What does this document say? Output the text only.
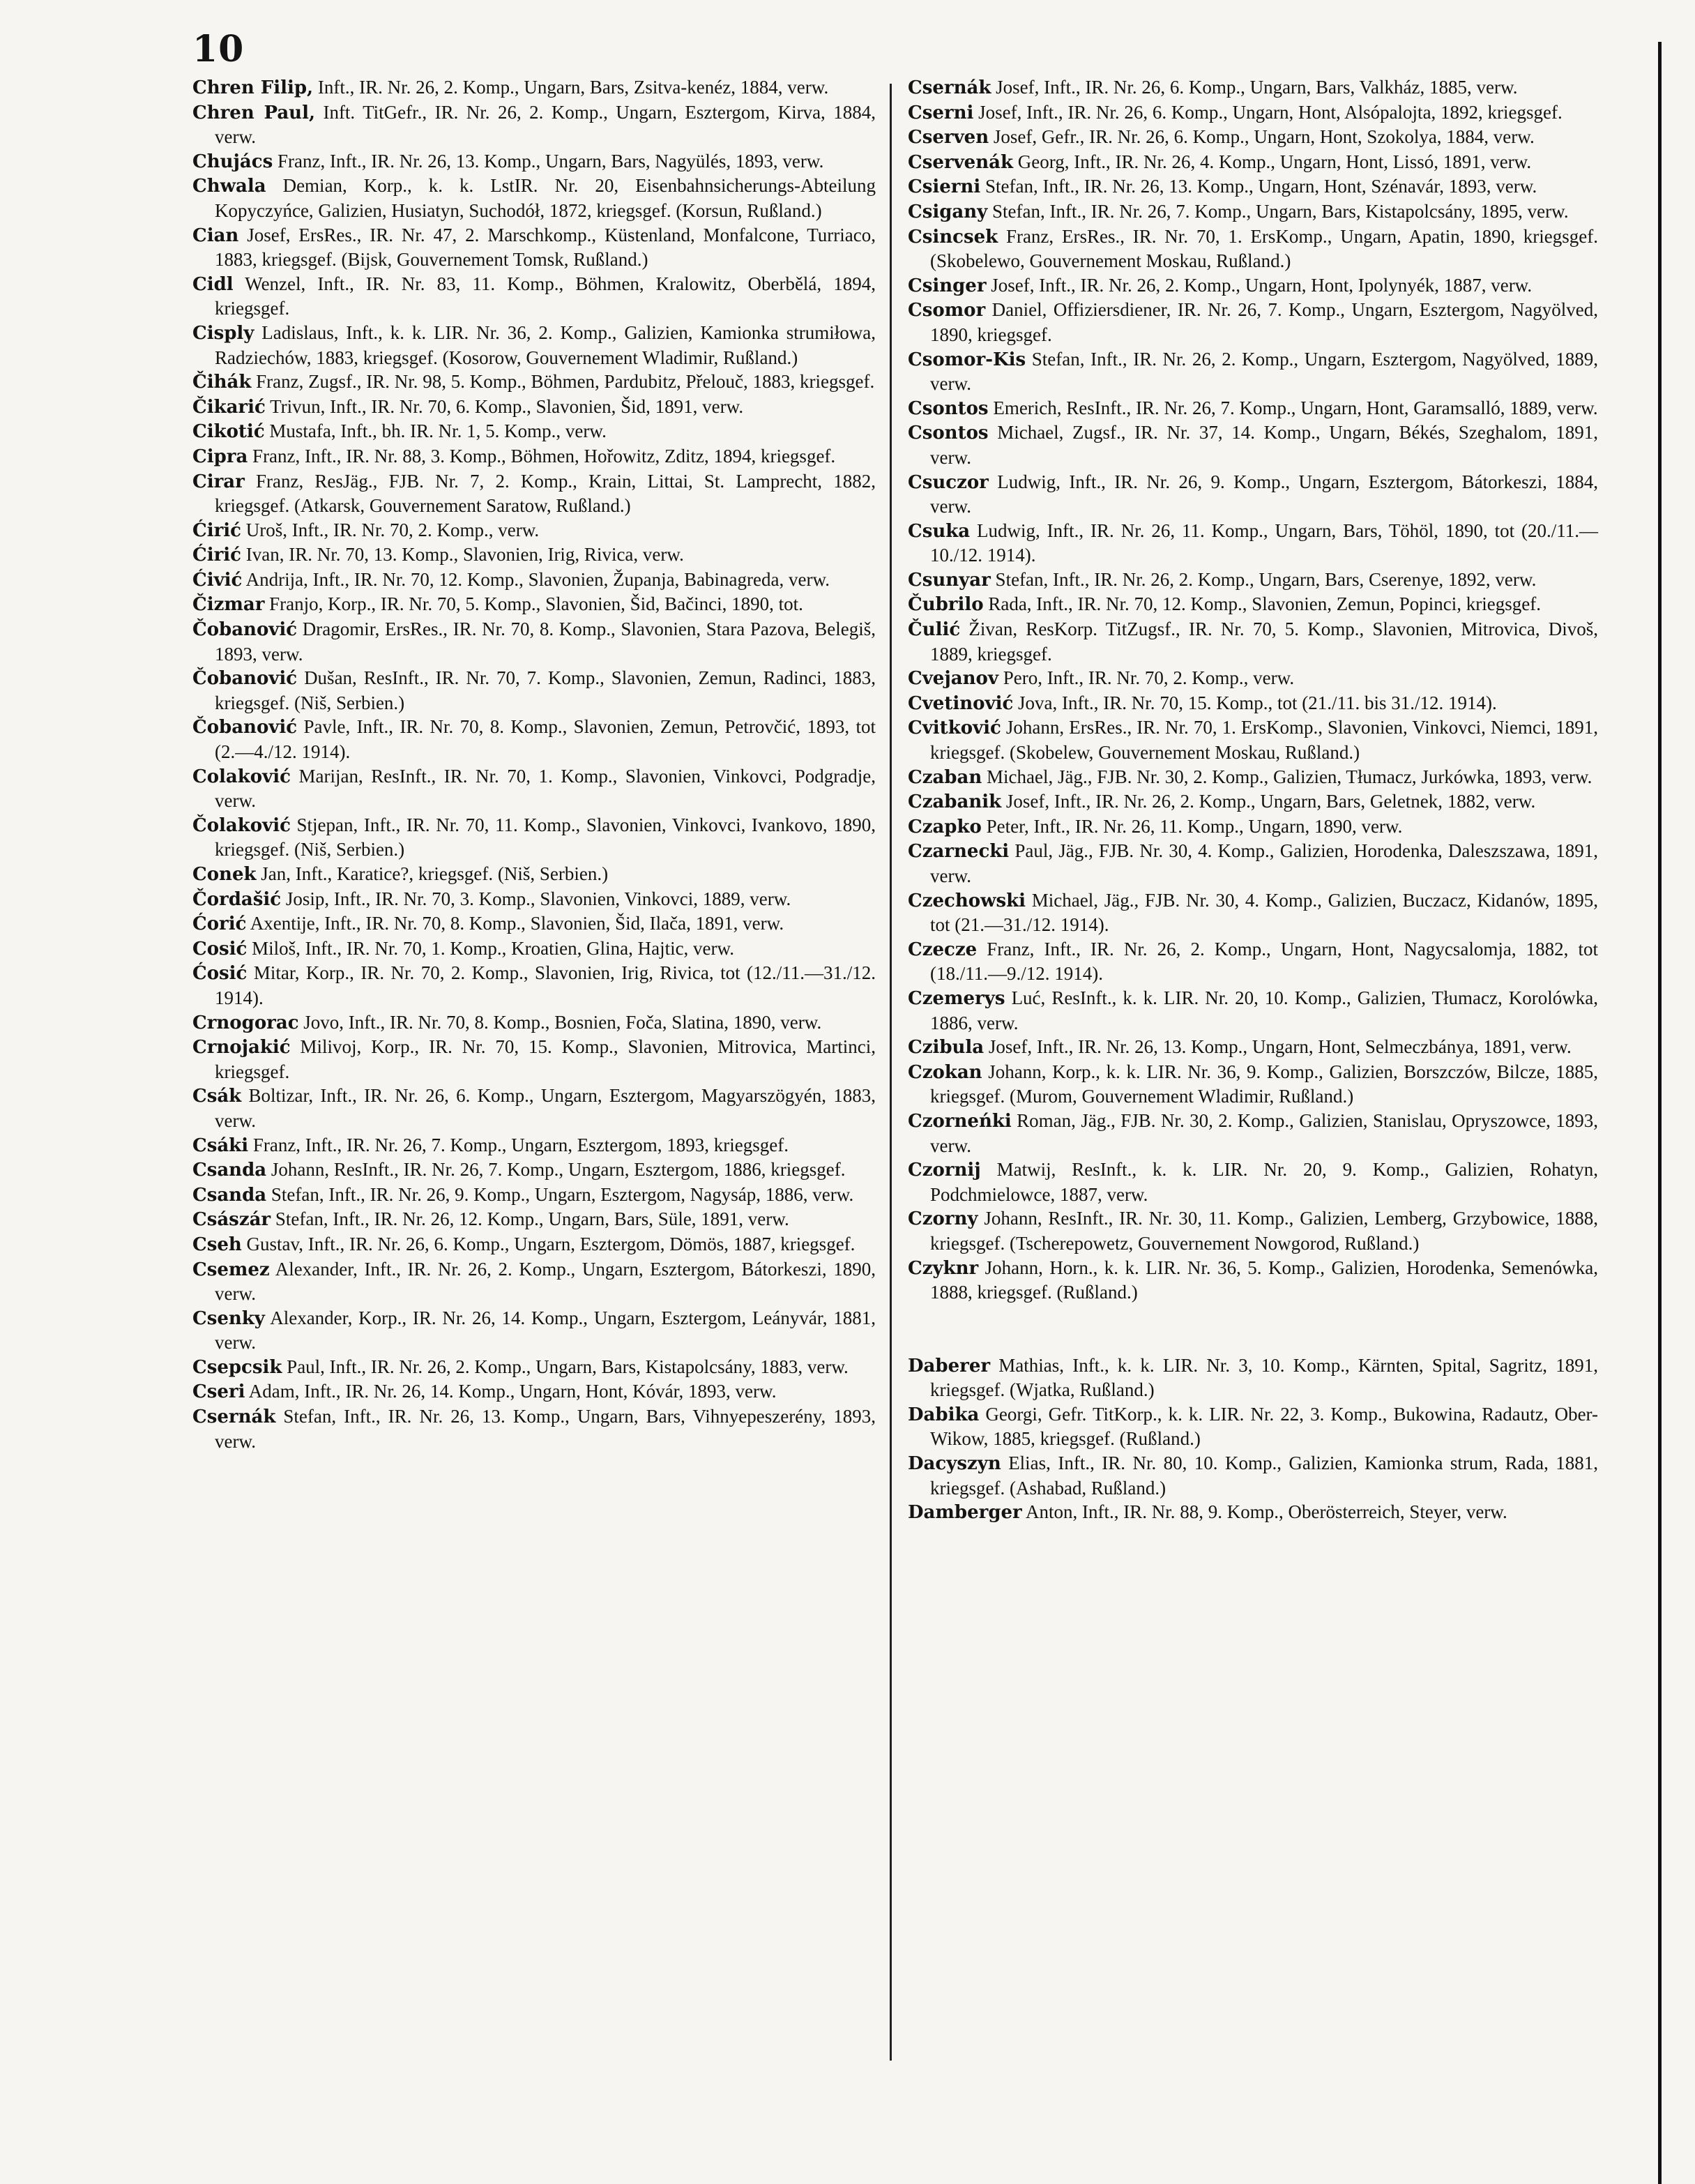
10

Chren Filip, Inft., IR. Nr. 26, 2. Komp., Ungarn, Bars, Zsitva-kenéz, 1884, verw.

Chren Paul, Inft. TitGefr., IR. Nr. 26, 2. Komp., Ungarn, Esztergom, Kirva, 1884, verw.

Chujács Franz, Inft., IR. Nr. 26, 13. Komp., Ungarn, Bars, Nagyülés, 1893, verw.

Chwala Demian, Korp., k. k. LstIR. Nr. 20, Eisenbahnsicherungs-Abteilung Kopyczyńce, Galizien, Husiatyn, Suchodół, 1872, kriegsgef. (Korsun, Rußland.)

Cian Josef, ErsRes., IR. Nr. 47, 2. Marschkomp., Küstenland, Monfalcone, Turriaco, 1883, kriegsgef. (Bijsk, Gouvernement Tomsk, Rußland.)

Cidl Wenzel, Inft., IR. Nr. 83, 11. Komp., Böhmen, Kralowitz, Oberbělá, 1894, kriegsgef.

Cisply Ladislaus, Inft., k. k. LIR. Nr. 36, 2. Komp., Galizien, Kamionka strumiłowa, Radziechów, 1883, kriegsgef. (Kosorow, Gouvernement Wladimir, Rußland.)

Čihák Franz, Zugsf., IR. Nr. 98, 5. Komp., Böhmen, Pardubitz, Přelouč, 1883, kriegsgef.

Čikarić Trivun, Inft., IR. Nr. 70, 6. Komp., Slavonien, Šid, 1891, verw.

Cikotić Mustafa, Inft., bh. IR. Nr. 1, 5. Komp., verw.

Cipra Franz, Inft., IR. Nr. 88, 3. Komp., Böhmen, Hořowitz, Zditz, 1894, kriegsgef.

Cirar Franz, ResJäg., FJB. Nr. 7, 2. Komp., Krain, Littai, St. Lamprecht, 1882, kriegsgef. (Atkarsk, Gouvernement Saratow, Rußland.)

Ćirić Uroš, Inft., IR. Nr. 70, 2. Komp., verw.

Ćirić Ivan, IR. Nr. 70, 13. Komp., Slavonien, Irig, Rivica, verw.

Ćivić Andrija, Inft., IR. Nr. 70, 12. Komp., Slavonien, Županja, Babinagreda, verw.

Čizmar Franjo, Korp., IR. Nr. 70, 5. Komp., Slavonien, Šid, Bačinci, 1890, tot.

Čobanović Dragomir, ErsRes., IR. Nr. 70, 8. Komp., Slavonien, Stara Pazova, Belegiš, 1893, verw.

Čobanović Dušan, ResInft., IR. Nr. 70, 7. Komp., Slavonien, Zemun, Radinci, 1883, kriegsgef. (Niš, Serbien.)

Čobanović Pavle, Inft., IR. Nr. 70, 8. Komp., Slavonien, Zemun, Petrovčić, 1893, tot (2.—4./12. 1914).

Colaković Marijan, ResInft., IR. Nr. 70, 1. Komp., Slavonien, Vinkovci, Podgradje, verw.

Čolaković Stjepan, Inft., IR. Nr. 70, 11. Komp., Slavonien, Vinkovci, Ivankovo, 1890, kriegsgef. (Niš, Serbien.)

Conek Jan, Inft., Karatice?, kriegsgef. (Niš, Serbien.)

Čordašić Josip, Inft., IR. Nr. 70, 3. Komp., Slavonien, Vinkovci, 1889, verw.

Ćorić Axentije, Inft., IR. Nr. 70, 8. Komp., Slavonien, Šid, Ilača, 1891, verw.

Cosić Miloš, Inft., IR. Nr. 70, 1. Komp., Kroatien, Glina, Hajtic, verw.

Ćosić Mitar, Korp., IR. Nr. 70, 2. Komp., Slavonien, Irig, Rivica, tot (12./11.—31./12. 1914).

Crnogorac Jovo, Inft., IR. Nr. 70, 8. Komp., Bosnien, Foča, Slatina, 1890, verw.

Crnojakić Milivoj, Korp., IR. Nr. 70, 15. Komp., Slavonien, Mitrovica, Martinci, kriegsgef.

Csák Boltizar, Inft., IR. Nr. 26, 6. Komp., Ungarn, Esztergom, Magyarszögyén, 1883, verw.

Csáki Franz, Inft., IR. Nr. 26, 7. Komp., Ungarn, Esztergom, 1893, kriegsgef.

Csanda Johann, ResInft., IR. Nr. 26, 7. Komp., Ungarn, Esztergom, 1886, kriegsgef.

Csanda Stefan, Inft., IR. Nr. 26, 9. Komp., Ungarn, Esztergom, Nagysáp, 1886, verw.

Császár Stefan, Inft., IR. Nr. 26, 12. Komp., Ungarn, Bars, Süle, 1891, verw.

Cseh Gustav, Inft., IR. Nr. 26, 6. Komp., Ungarn, Esztergom, Dömös, 1887, kriegsgef.

Csemez Alexander, Inft., IR. Nr. 26, 2. Komp., Ungarn, Esztergom, Bátorkeszi, 1890, verw.

Csenky Alexander, Korp., IR. Nr. 26, 14. Komp., Ungarn, Esztergom, Leányvár, 1881, verw.

Csepcsik Paul, Inft., IR. Nr. 26, 2. Komp., Ungarn, Bars, Kistapolcsány, 1883, verw.

Cseri Adam, Inft., IR. Nr. 26, 14. Komp., Ungarn, Hont, Kóvár, 1893, verw.

Csernák Stefan, Inft., IR. Nr. 26, 13. Komp., Ungarn, Bars, Vihnyepeszerény, 1893, verw.

Csernák Josef, Inft., IR. Nr. 26, 6. Komp., Ungarn, Bars, Valkház, 1885, verw.

Cserni Josef, Inft., IR. Nr. 26, 6. Komp., Ungarn, Hont, Alsópalojta, 1892, kriegsgef.

Cserven Josef, Gefr., IR. Nr. 26, 6. Komp., Ungarn, Hont, Szokolya, 1884, verw.

Cservenák Georg, Inft., IR. Nr. 26, 4. Komp., Ungarn, Hont, Lissó, 1891, verw.

Csierni Stefan, Inft., IR. Nr. 26, 13. Komp., Ungarn, Hont, Szénavár, 1893, verw.

Csigany Stefan, Inft., IR. Nr. 26, 7. Komp., Ungarn, Bars, Kistapolcsány, 1895, verw.

Csincsek Franz, ErsRes., IR. Nr. 70, 1. ErsKomp., Ungarn, Apatin, 1890, kriegsgef. (Skobelewo, Gouvernement Moskau, Rußland.)

Csinger Josef, Inft., IR. Nr. 26, 2. Komp., Ungarn, Hont, Ipolynyék, 1887, verw.

Csomor Daniel, Offiziersdiener, IR. Nr. 26, 7. Komp., Ungarn, Esztergom, Nagyölved, 1890, kriegsgef.

Csomor-Kis Stefan, Inft., IR. Nr. 26, 2. Komp., Ungarn, Esztergom, Nagyölved, 1889, verw.

Csontos Emerich, ResInft., IR. Nr. 26, 7. Komp., Ungarn, Hont, Garamsalló, 1889, verw.

Csontos Michael, Zugsf., IR. Nr. 37, 14. Komp., Ungarn, Békés, Szeghalom, 1891, verw.

Csuczor Ludwig, Inft., IR. Nr. 26, 9. Komp., Ungarn, Esztergom, Bátorkeszi, 1884, verw.

Csuka Ludwig, Inft., IR. Nr. 26, 11. Komp., Ungarn, Bars, Töhöl, 1890, tot (20./11.—10./12. 1914).

Csunyar Stefan, Inft., IR. Nr. 26, 2. Komp., Ungarn, Bars, Cserenye, 1892, verw.

Čubrilo Rada, Inft., IR. Nr. 70, 12. Komp., Slavonien, Zemun, Popinci, kriegsgef.

Čulić Živan, ResKorp. TitZugsf., IR. Nr. 70, 5. Komp., Slavonien, Mitrovica, Divoš, 1889, kriegsgef.

Cvejanov Pero, Inft., IR. Nr. 70, 2. Komp., verw.

Cvetinović Jova, Inft., IR. Nr. 70, 15. Komp., tot (21./11. bis 31./12. 1914).

Cvitković Johann, ErsRes., IR. Nr. 70, 1. ErsKomp., Slavonien, Vinkovci, Niemci, 1891, kriegsgef. (Skobelew, Gouvernement Moskau, Rußland.)

Czaban Michael, Jäg., FJB. Nr. 30, 2. Komp., Galizien, Tłumacz, Jurkówka, 1893, verw.

Czabanik Josef, Inft., IR. Nr. 26, 2. Komp., Ungarn, Bars, Geletnek, 1882, verw.

Czapko Peter, Inft., IR. Nr. 26, 11. Komp., Ungarn, 1890, verw.

Czarnecki Paul, Jäg., FJB. Nr. 30, 4. Komp., Galizien, Horodenka, Daleszszawa, 1891, verw.

Czechowski Michael, Jäg., FJB. Nr. 30, 4. Komp., Galizien, Buczacz, Kidanów, 1895, tot (21.—31./12. 1914).

Czecze Franz, Inft., IR. Nr. 26, 2. Komp., Ungarn, Hont, Nagycsalomja, 1882, tot (18./11.—9./12. 1914).

Czemerys Luć, ResInft., k. k. LIR. Nr. 20, 10. Komp., Galizien, Tłumacz, Korolówka, 1886, verw.

Czibula Josef, Inft., IR. Nr. 26, 13. Komp., Ungarn, Hont, Selmeczbánya, 1891, verw.

Czokan Johann, Korp., k. k. LIR. Nr. 36, 9. Komp., Galizien, Borszczów, Bilcze, 1885, kriegsgef. (Murom, Gouvernement Wladimir, Rußland.)

Czorneńki Roman, Jäg., FJB. Nr. 30, 2. Komp., Galizien, Stanislau, Opryszowce, 1893, verw.

Czornij Matwij, ResInft., k. k. LIR. Nr. 20, 9. Komp., Galizien, Rohatyn, Podchmielowce, 1887, verw.

Czorny Johann, ResInft., IR. Nr. 30, 11. Komp., Galizien, Lemberg, Grzybowice, 1888, kriegsgef. (Tscherepowetz, Gouvernement Nowgorod, Rußland.)

Czyknr Johann, Horn., k. k. LIR. Nr. 36, 5. Komp., Galizien, Horodenka, Semenówka, 1888, kriegsgef. (Rußland.)

Daberer Mathias, Inft., k. k. LIR. Nr. 3, 10. Komp., Kärnten, Spital, Sagritz, 1891, kriegsgef. (Wjatka, Rußland.)

Dabika Georgi, Gefr. TitKorp., k. k. LIR. Nr. 22, 3. Komp., Bukowina, Radautz, Ober-Wikow, 1885, kriegsgef. (Rußland.)

Dacyszyn Elias, Inft., IR. Nr. 80, 10. Komp., Galizien, Kamionka strum, Rada, 1881, kriegsgef. (Ashabad, Rußland.)

Damberger Anton, Inft., IR. Nr. 88, 9. Komp., Oberösterreich, Steyer, verw.
